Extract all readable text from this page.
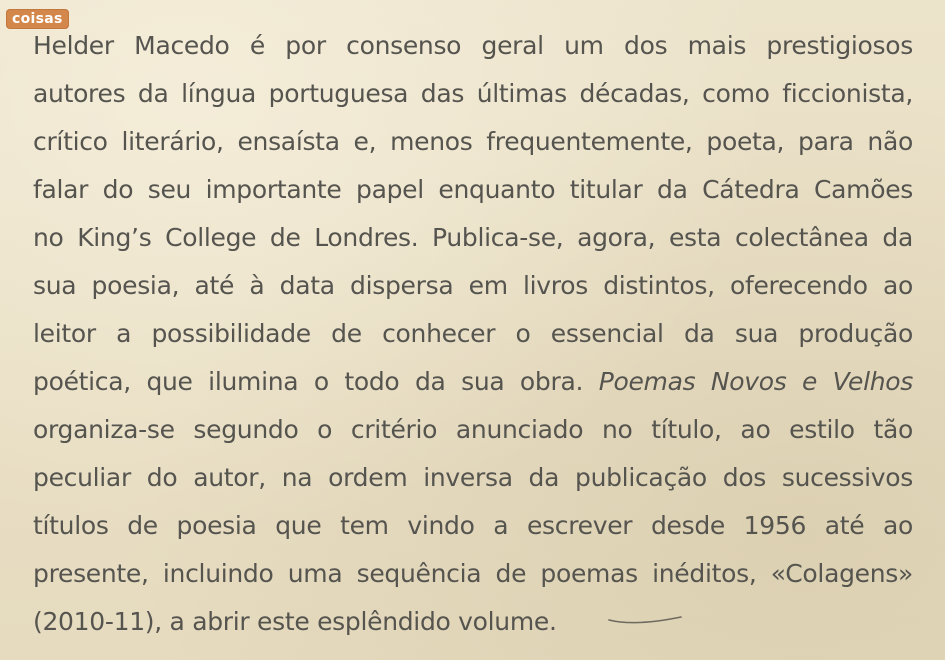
coisas
Helder Macedo é por consenso geral um dos mais prestigiosos
autores da língua portuguesa das últimas décadas, como ficcionista,
crítico literário, ensaísta e, menos frequentemente, poeta, para não
falar do seu importante papel enquanto titular da Cátedra Camões
no King’s College de Londres. Publica-se, agora, esta colectânea da
sua poesia, até à data dispersa em livros distintos, oferecendo ao
leitor a possibilidade de conhecer o essencial da sua produção
poética, que ilumina o todo da sua obra. Poemas Novos e Velhos
organiza-se segundo o critério anunciado no título, ao estilo tão
peculiar do autor, na ordem inversa da publicação dos sucessivos
títulos de poesia que tem vindo a escrever desde 1956 até ao
presente, incluindo uma sequência de poemas inéditos, «Colagens»
(2010-11), a abrir este esplêndido volume.
